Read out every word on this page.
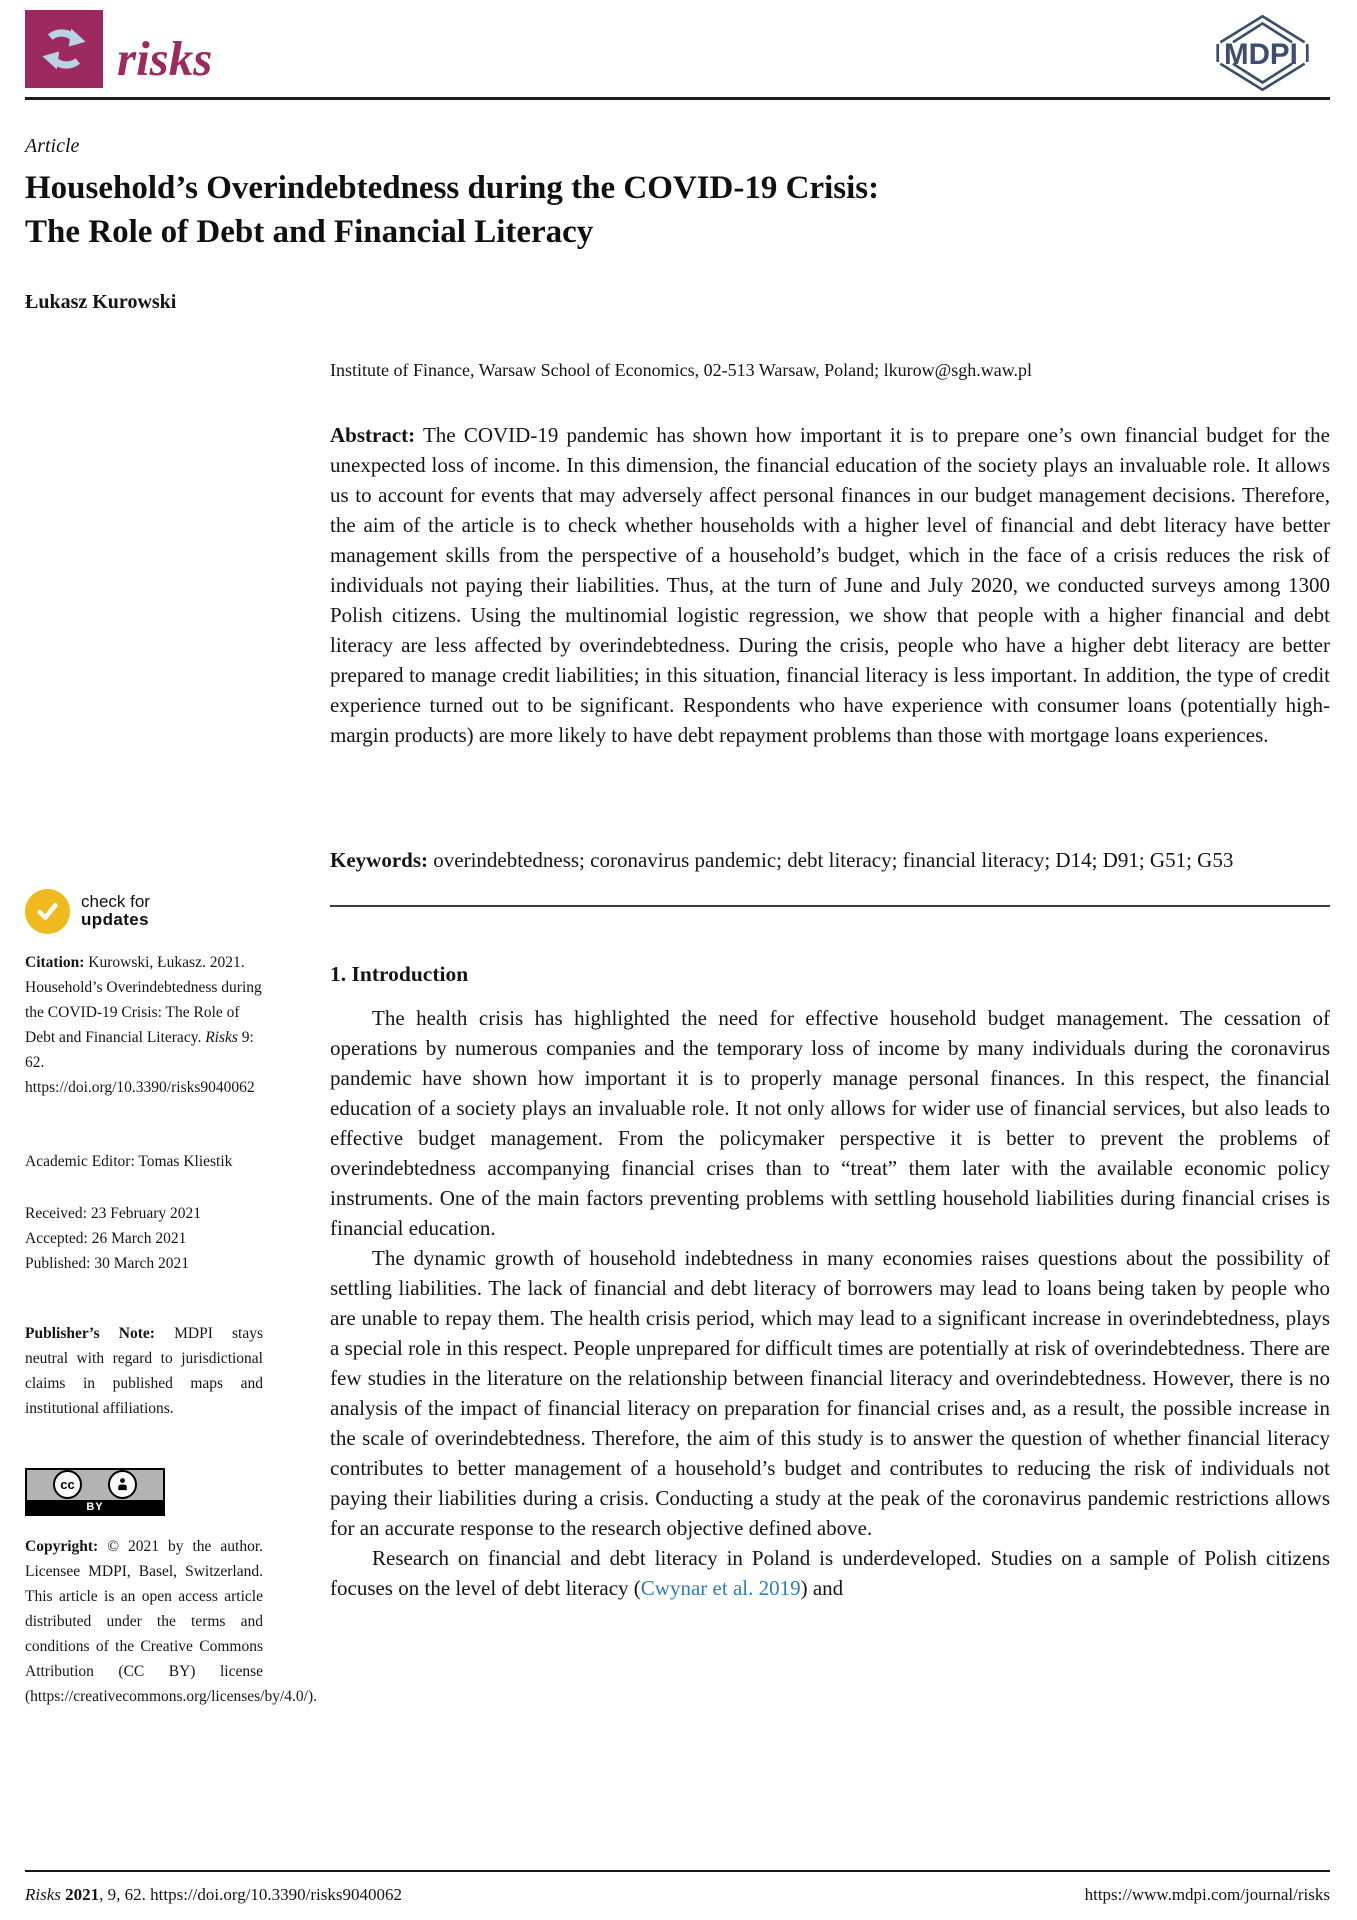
risks	MDPI
Article
Household’s Overindebtedness during the COVID-19 Crisis:
The Role of Debt and Financial Literacy
Łukasz Kurowski
check for
updates

Citation: Kurowski, Łukasz. 2021. Household’s Overindebtedness during the COVID-19 Crisis: The Role of Debt and Financial Literacy. Risks 9: 62. https://doi.org/10.3390/risks9040062

Academic Editor: Tomas Kliestik

Received: 23 February 2021
Accepted: 26 March 2021
Published: 30 March 2021

Publisher’s Note: MDPI stays neutral with regard to jurisdictional claims in published maps and institutional affiliations.

cc
BY

Copyright: © 2021 by the author. Licensee MDPI, Basel, Switzerland. This article is an open access article distributed under the terms and conditions of the Creative Commons Attribution (CC BY) license (https://creativecommons.org/licenses/by/4.0/).

Institute of Finance, Warsaw School of Economics, 02-513 Warsaw, Poland; lkurow@sgh.waw.pl

Abstract: The COVID-19 pandemic has shown how important it is to prepare one’s own financial budget for the unexpected loss of income. In this dimension, the financial education of the society plays an invaluable role. It allows us to account for events that may adversely affect personal finances in our budget management decisions. Therefore, the aim of the article is to check whether households with a higher level of financial and debt literacy have better management skills from the perspective of a household’s budget, which in the face of a crisis reduces the risk of individuals not paying their liabilities. Thus, at the turn of June and July 2020, we conducted surveys among 1300 Polish citizens. Using the multinomial logistic regression, we show that people with a higher financial and debt literacy are less affected by overindebtedness. During the crisis, people who have a higher debt literacy are better prepared to manage credit liabilities; in this situation, financial literacy is less important. In addition, the type of credit experience turned out to be significant. Respondents who have experience with consumer loans (potentially high-margin products) are more likely to have debt repayment problems than those with mortgage loans experiences.

Keywords: overindebtedness; coronavirus pandemic; debt literacy; financial literacy; D14; D91; G51; G53

1. Introduction

The health crisis has highlighted the need for effective household budget management. The cessation of operations by numerous companies and the temporary loss of income by many individuals during the coronavirus pandemic have shown how important it is to properly manage personal finances. In this respect, the financial education of a society plays an invaluable role. It not only allows for wider use of financial services, but also leads to effective budget management. From the policymaker perspective it is better to prevent the problems of overindebtedness accompanying financial crises than to “treat” them later with the available economic policy instruments. One of the main factors preventing problems with settling household liabilities during financial crises is financial education.

The dynamic growth of household indebtedness in many economies raises questions about the possibility of settling liabilities. The lack of financial and debt literacy of borrowers may lead to loans being taken by people who are unable to repay them. The health crisis period, which may lead to a significant increase in overindebtedness, plays a special role in this respect. People unprepared for difficult times are potentially at risk of overindebtedness. There are few studies in the literature on the relationship between financial literacy and overindebtedness. However, there is no analysis of the impact of financial literacy on preparation for financial crises and, as a result, the possible increase in the scale of overindebtedness. Therefore, the aim of this study is to answer the question of whether financial literacy contributes to better management of a household’s budget and contributes to reducing the risk of individuals not paying their liabilities during a crisis. Conducting a study at the peak of the coronavirus pandemic restrictions allows for an accurate response to the research objective defined above.

Research on financial and debt literacy in Poland is underdeveloped. Studies on a sample of Polish citizens focuses on the level of debt literacy (Cwynar et al. 2019) and

Risks 2021, 9, 62. https://doi.org/10.3390/risks9040062	https://www.mdpi.com/journal/risks
